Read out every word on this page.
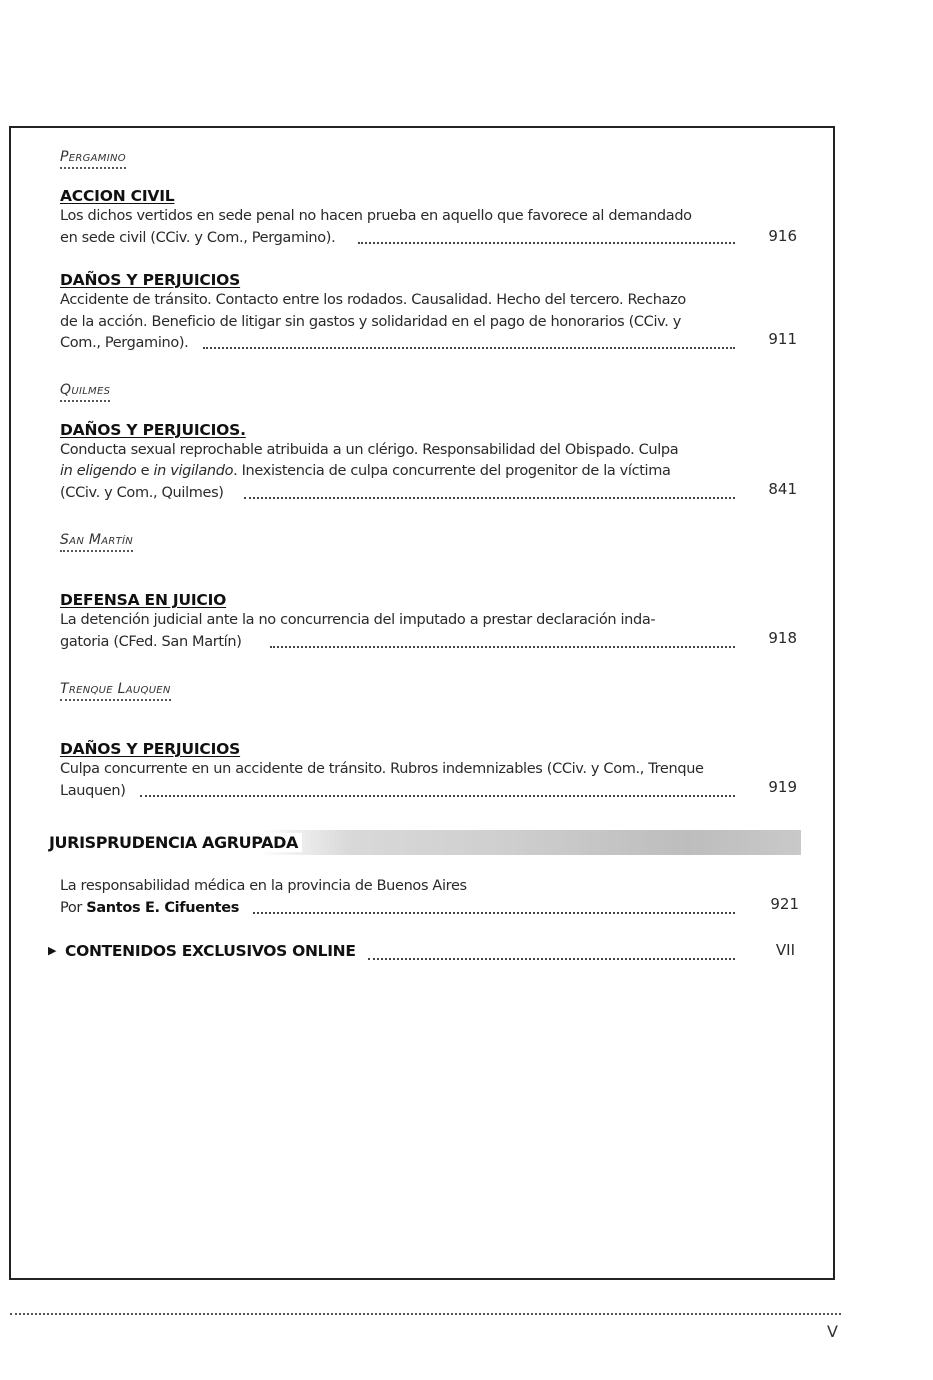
Pergamino
ACCION CIVIL
Los dichos vertidos en sede penal no hacen prueba en aquello que favorece al demandado
en sede civil (CCiv. y Com., Pergamino).	916
DAÑOS Y PERJUICIOS
Accidente de tránsito. Contacto entre los rodados. Causalidad. Hecho del tercero. Rechazo
de la acción. Beneficio de litigar sin gastos y solidaridad en el pago de honorarios (CCiv. y
Com., Pergamino).	911
Quilmes
DAÑOS Y PERJUICIOS.
Conducta sexual reprochable atribuida a un clérigo. Responsabilidad del Obispado. Culpa
in eligendo e in vigilando. Inexistencia de culpa concurrente del progenitor de la víctima
(CCiv. y Com., Quilmes)	841
San Martín
DEFENSA EN JUICIO
La detención judicial ante la no concurrencia del imputado a prestar declaración inda-
gatoria (CFed. San Martín)	918
Trenque Lauquen
DAÑOS Y PERJUICIOS
Culpa concurrente en un accidente de tránsito. Rubros indemnizables (CCiv. y Com., Trenque
Lauquen)	919
JURISPRUDENCIA AGRUPADA
La responsabilidad médica en la provincia de Buenos Aires
Por Santos E. Cifuentes	921
▶ CONTENIDOS EXCLUSIVOS ONLINE	VII
V
